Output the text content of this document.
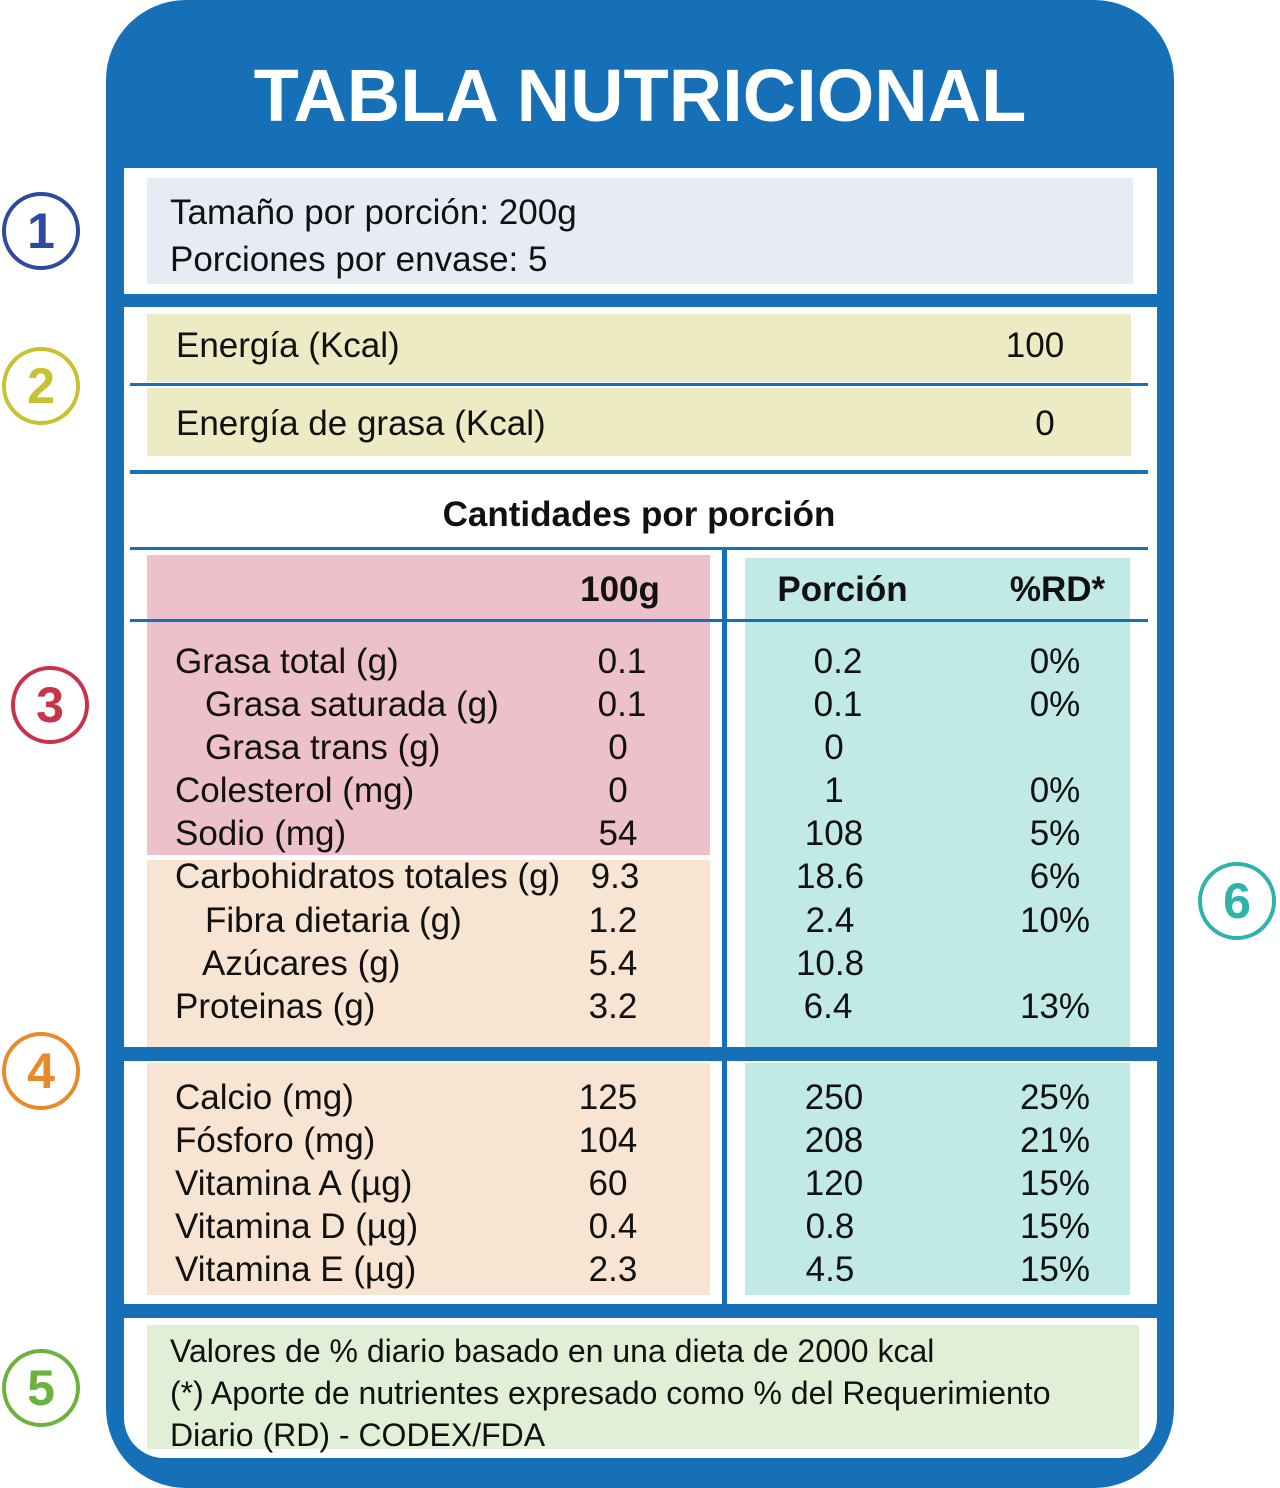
TABLA NUTRICIONAL
Tamaño por porción: 200g
Porciones por envase: 5
Energía (Kcal)	100
Energía de grasa (Kcal)	0
Cantidades por porción
100g	Porción	%RD*
Grasa total (g)	0.1	0.2	0%
Grasa saturada (g)	0.1	0.1	0%
Grasa trans (g)	0	0
Colesterol (mg)	0	1	0%
Sodio (mg)	54	108	5%
Carbohidratos totales (g) 9.3	18.6	6%
Fibra dietaria (g)	1.2	2.4	10%
Azúcares (g)	5.4	10.8
Proteinas (g)	3.2	6.4	13%
Calcio (mg)	125	250	25%
Fósforo (mg)	104	208	21%
Vitamina A (µg)	60	120	15%
Vitamina D (µg)	0.4	0.8	15%
Vitamina E (µg)	2.3	4.5	15%
Valores de % diario basado en una dieta de 2000 kcal
(*) Aporte de nutrientes expresado como % del Requerimiento
Diario (RD) - CODEX/FDA
1
2
3
4
5
6
